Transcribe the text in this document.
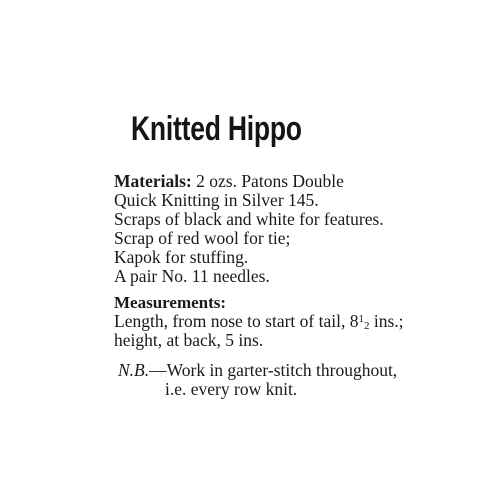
Knitted Hippo
Materials: 2 ozs. Patons Double
Quick Knitting in Silver 145.
Scraps of black and white for features.
Scrap of red wool for tie;
Kapok for stuffing.
A pair No. 11 needles.
Measurements:
Length, from nose to start of tail, 812 ins.;
height, at back, 5 ins.
N.B.—Work in garter-stitch throughout,
i.e. every row knit.
